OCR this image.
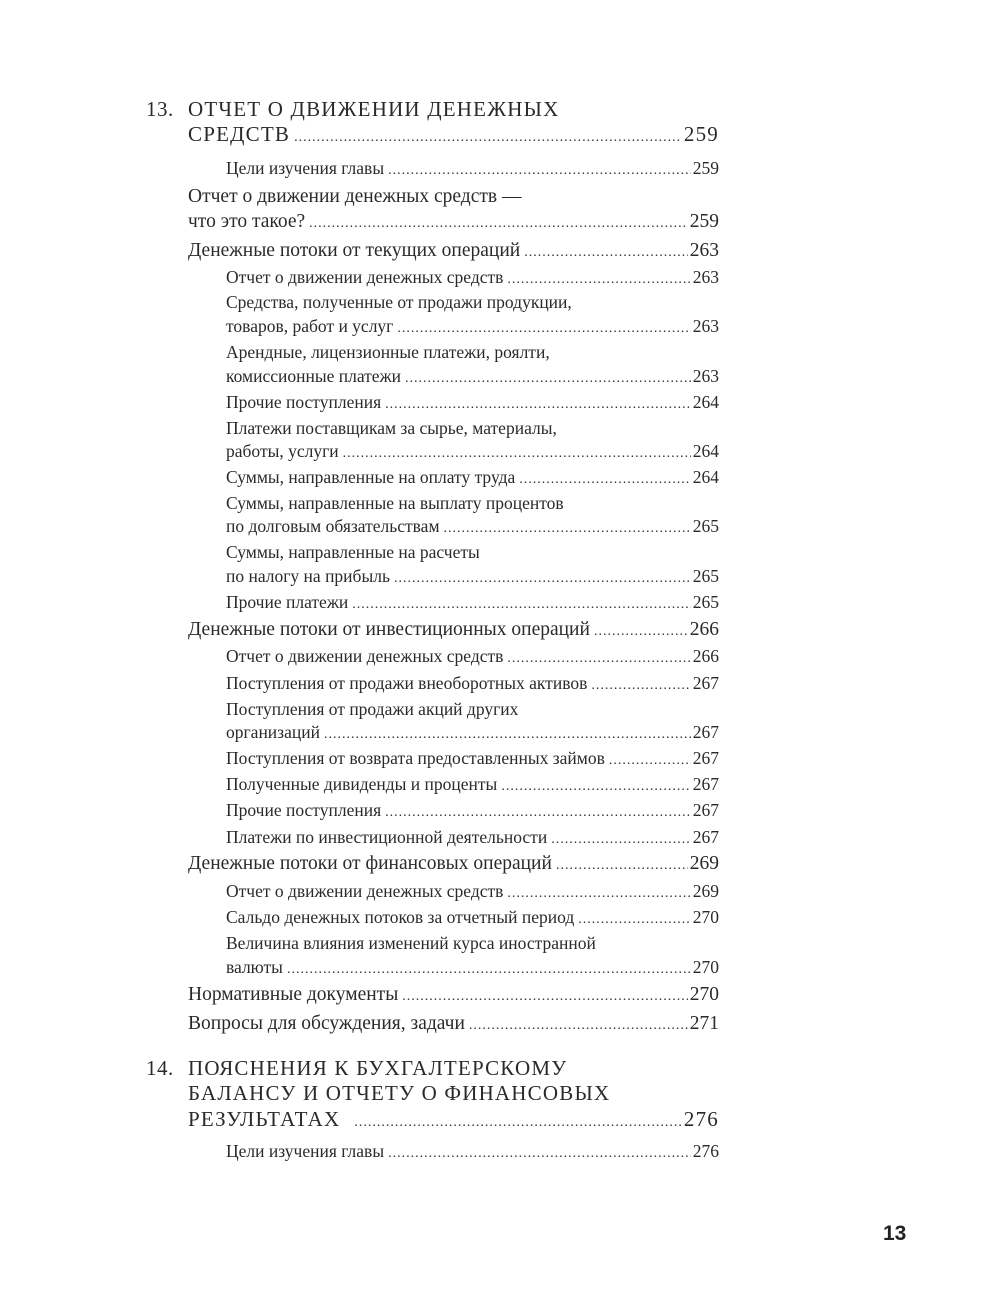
13. ОТЧЕТ О ДВИЖЕНИИ ДЕНЕЖНЫХ
СРЕДСТВ .....	259
Цели изучения главы .....	259
Отчет о движении денежных средств —
что это такое? .....	259
Денежные потоки от текущих операций .....	263
Отчет о движении денежных средств .....	263
Средства, полученные от продажи продукции,
товаров, работ и услуг .....	263
Арендные, лицензионные платежи, роялти,
комиссионные платежи .....	263
Прочие поступления .....	264
Платежи поставщикам за сырье, материалы,
работы, услуги .....	264
Суммы, направленные на оплату труда .....	264
Суммы, направленные на выплату процентов
по долговым обязательствам .....	265
Суммы, направленные на расчеты
по налогу на прибыль .....	265
Прочие платежи .....	265
Денежные потоки от инвестиционных операций .....	266
Отчет о движении денежных средств .....	266
Поступления от продажи внеоборотных активов .....	267
Поступления от продажи акций других
организаций .....	267
Поступления от возврата предоставленных займов .....	267
Полученные дивиденды и проценты .....	267
Прочие поступления .....	267
Платежи по инвестиционной деятельности .....	267
Денежные потоки от финансовых операций .....	269
Отчет о движении денежных средств .....	269
Сальдо денежных потоков за отчетный период .....	270
Величина влияния изменений курса иностранной
валюты .....	270
Нормативные документы .....	270
Вопросы для обсуждения, задачи .....	271
14. ПОЯСНЕНИЯ К БУХГАЛТЕРСКОМУ
БАЛАНСУ И ОТЧЕТУ О ФИНАНСОВЫХ
РЕЗУЛЬТАТАХ .....	276
Цели изучения главы .....	276
13
